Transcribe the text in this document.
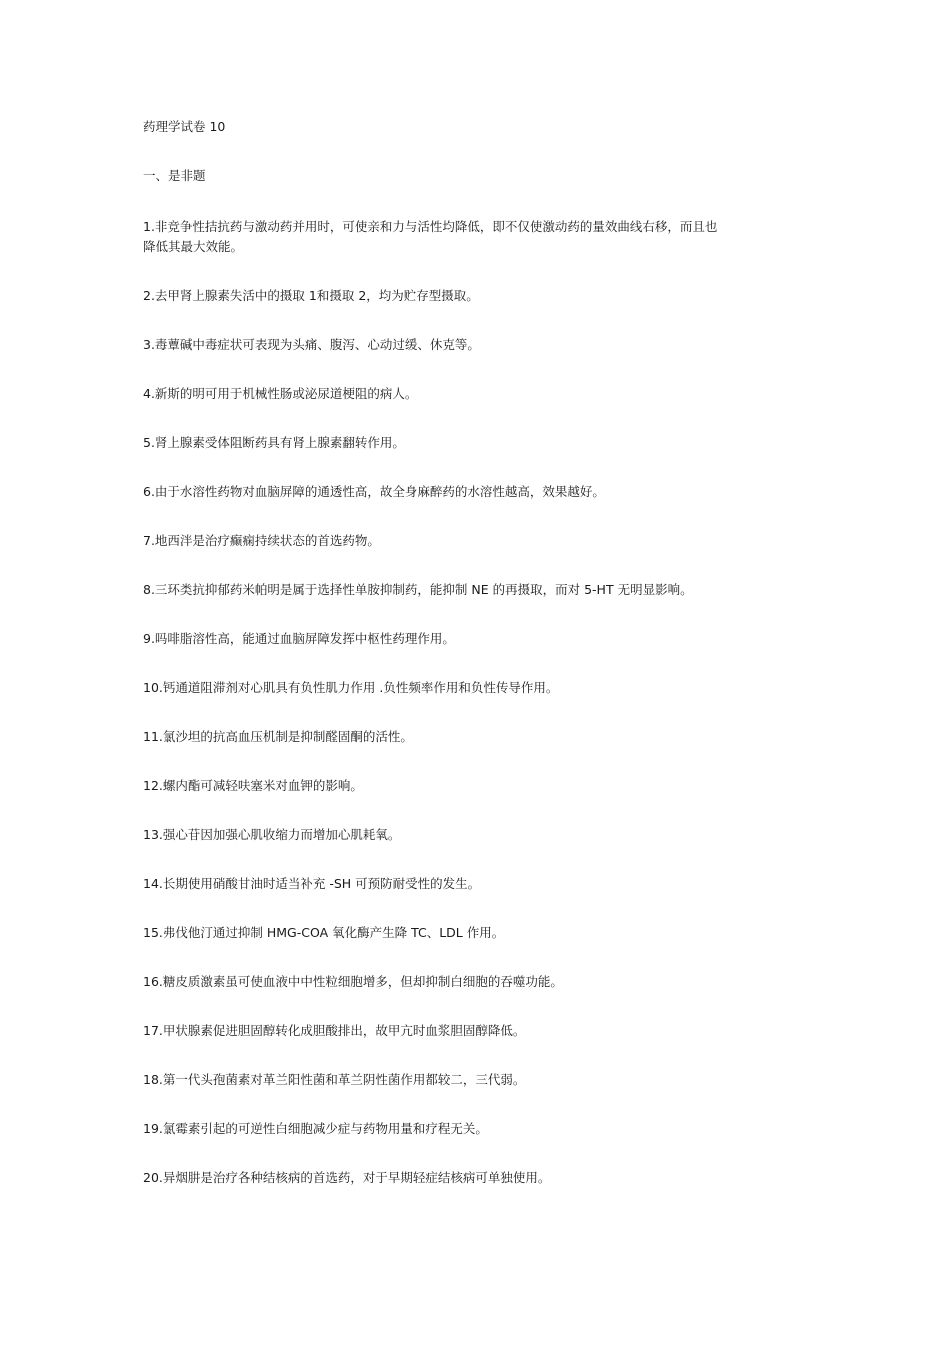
药理学试卷 10
一、是非题
1.非竞争性拮抗药与激动药并用时，可使亲和力与活性均降低，即不仅使激动药的量效曲线右移，而且也
降低其最大效能。
2.去甲肾上腺素失活中的摄取 1和摄取 2，均为贮存型摄取。
3.毒蕈碱中毒症状可表现为头痛、腹泻、心动过缓、休克等。
4.新斯的明可用于机械性肠或泌尿道梗阻的病人。
5.肾上腺素受体阻断药具有肾上腺素翻转作用。
6.由于水溶性药物对血脑屏障的通透性高，故全身麻醉药的水溶性越高，效果越好。
7.地西泮是治疗癫痫持续状态的首选药物。
8.三环类抗抑郁药米帕明是属于选择性单胺抑制药，能抑制 NE 的再摄取，而对 5-HT 无明显影响。
9.吗啡脂溶性高，能通过血脑屏障发挥中枢性药理作用。
10.钙通道阻滞剂对心肌具有负性肌力作用 .负性频率作用和负性传导作用。
11.氯沙坦的抗高血压机制是抑制醛固酮的活性。
12.螺内酯可减轻呋塞米对血钾的影响。
13.强心苷因加强心肌收缩力而增加心肌耗氧。
14.长期使用硝酸甘油时适当补充 -SH 可预防耐受性的发生。
15.弗伐他汀通过抑制 HMG-COA 氧化酶产生降 TC、LDL 作用。
16.糖皮质激素虽可使血液中中性粒细胞增多，但却抑制白细胞的吞噬功能。
17.甲状腺素促进胆固醇转化成胆酸排出，故甲亢时血浆胆固醇降低。
18.第一代头孢菌素对革兰阳性菌和革兰阴性菌作用都较二，三代弱。
19.氯霉素引起的可逆性白细胞减少症与药物用量和疗程无关。
20.异烟肼是治疗各种结核病的首选药，对于早期轻症结核病可单独使用。
